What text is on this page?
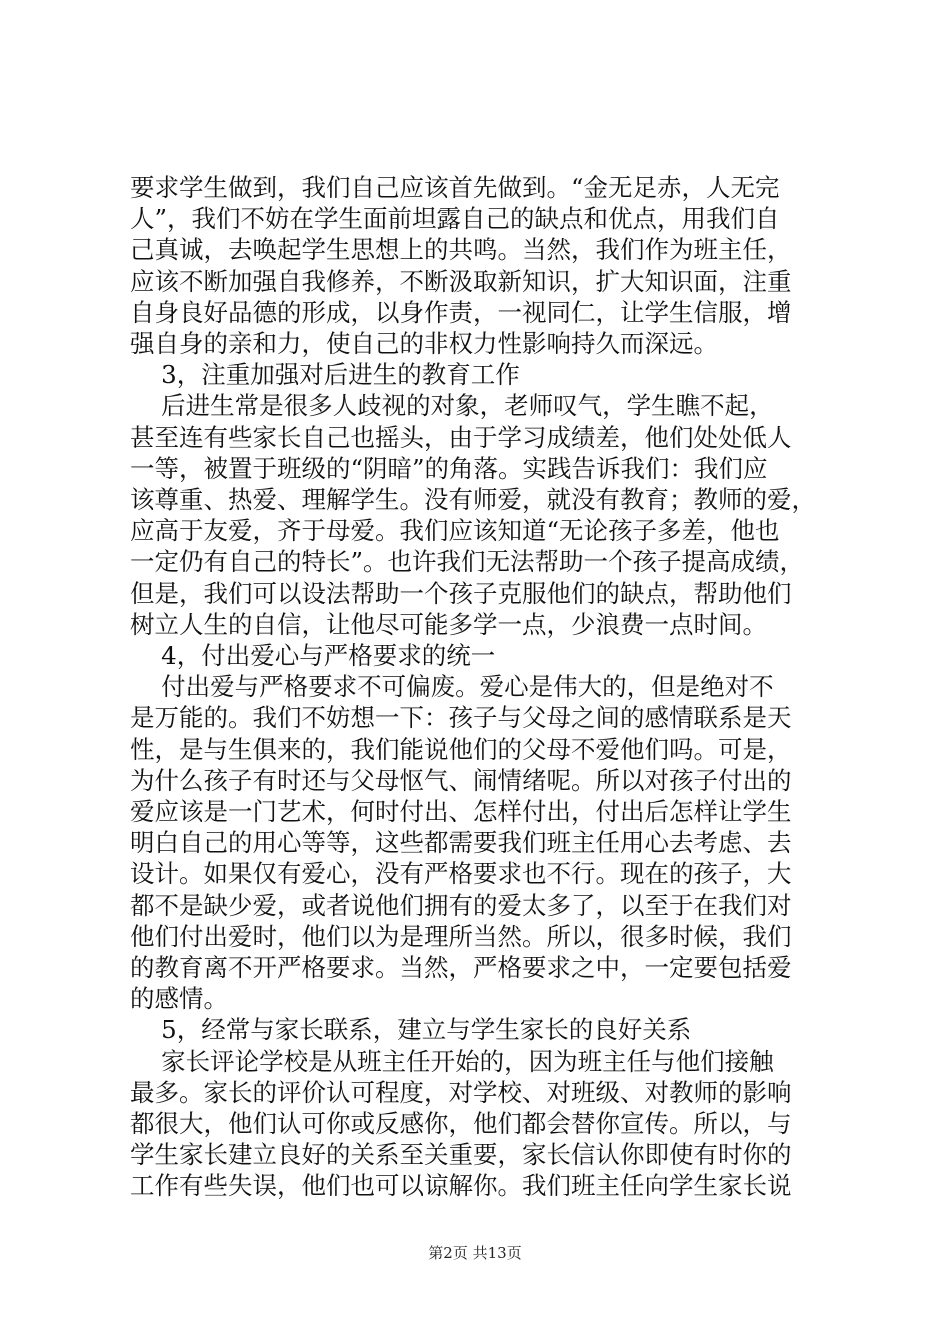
要求学生做到，我们自己应该首先做到。“金无足赤，人无完
人”，我们不妨在学生面前坦露自己的缺点和优点，用我们自
己真诚，去唤起学生思想上的共鸣。当然，我们作为班主任，
应该不断加强自我修养，不断汲取新知识，扩大知识面，注重
自身良好品德的形成，以身作责，一视同仁，让学生信服，增
强自身的亲和力，使自己的非权力性影响持久而深远。
3，注重加强对后进生的教育工作
后进生常是很多人歧视的对象，老师叹气，学生瞧不起，
甚至连有些家长自己也摇头，由于学习成绩差，他们处处低人
一等，被置于班级的“阴暗”的角落。实践告诉我们：我们应
该尊重、热爱、理解学生。没有师爱，就没有教育；教师的爱，
应高于友爱，齐于母爱。我们应该知道“无论孩子多差，他也
一定仍有自己的特长”。也许我们无法帮助一个孩子提高成绩，
但是，我们可以设法帮助一个孩子克服他们的缺点，帮助他们
树立人生的自信，让他尽可能多学一点，少浪费一点时间。
4，付出爱心与严格要求的统一
付出爱与严格要求不可偏废。爱心是伟大的，但是绝对不
是万能的。我们不妨想一下：孩子与父母之间的感情联系是天
性，是与生俱来的，我们能说他们的父母不爱他们吗。可是，
为什么孩子有时还与父母怄气、闹情绪呢。所以对孩子付出的
爱应该是一门艺术，何时付出、怎样付出，付出后怎样让学生
明白自己的用心等等，这些都需要我们班主任用心去考虑、去
设计。如果仅有爱心，没有严格要求也不行。现在的孩子，大
都不是缺少爱，或者说他们拥有的爱太多了，以至于在我们对
他们付出爱时，他们以为是理所当然。所以，很多时候，我们
的教育离不开严格要求。当然，严格要求之中，一定要包括爱
的感情。
5，经常与家长联系，建立与学生家长的良好关系
家长评论学校是从班主任开始的，因为班主任与他们接触
最多。家长的评价认可程度，对学校、对班级、对教师的影响
都很大，他们认可你或反感你，他们都会替你宣传。所以，与
学生家长建立良好的关系至关重要，家长信认你即使有时你的
工作有些失误，他们也可以谅解你。我们班主任向学生家长说
第2页 共13页
